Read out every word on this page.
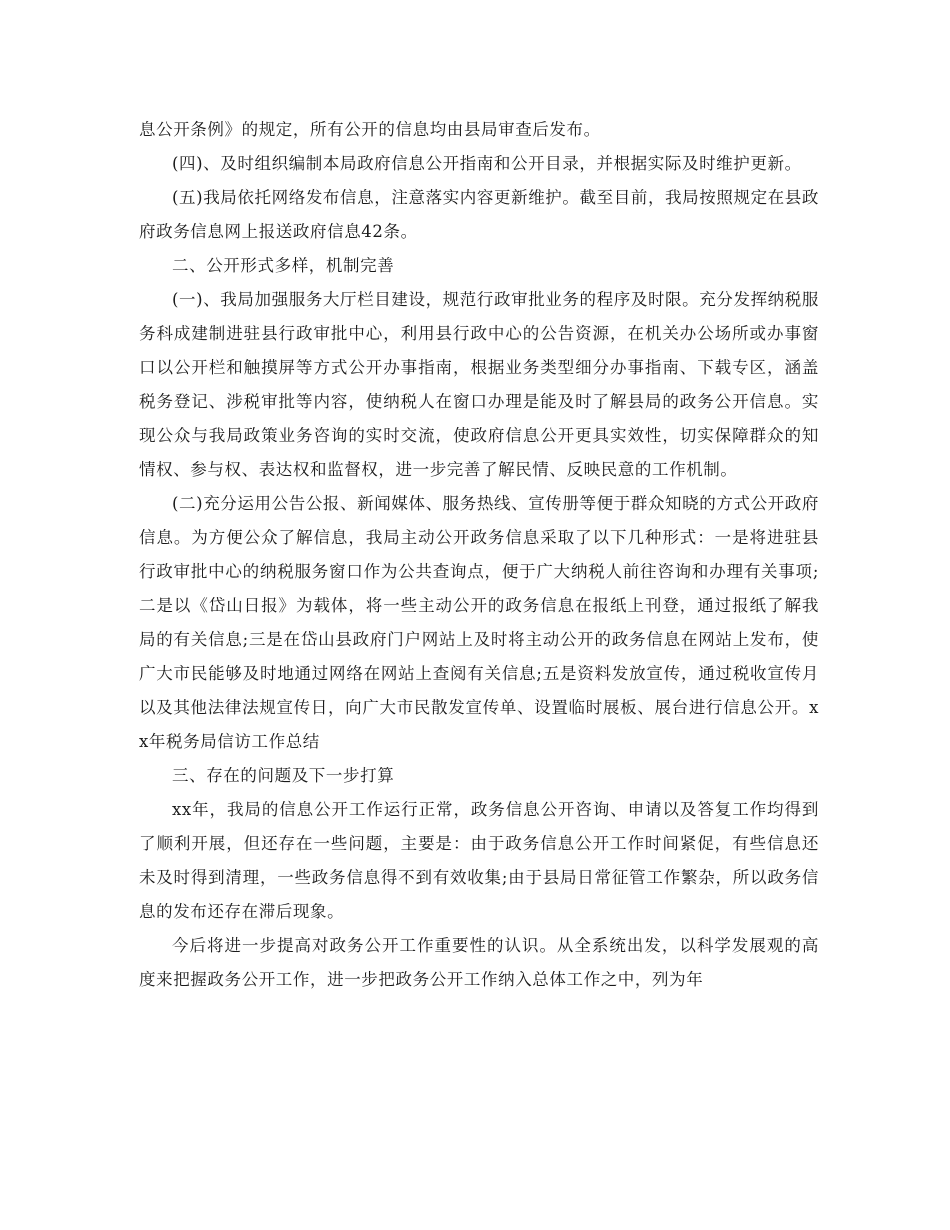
息公开条例》的规定，所有公开的信息均由县局审查后发布。

(四)、及时组织编制本局政府信息公开指南和公开目录，并根据实际及时维护更新。

(五)我局依托网络发布信息，注意落实内容更新维护。截至目前，我局按照规定在县政府政务信息网上报送政府信息42条。

二、公开形式多样，机制完善

(一)、我局加强服务大厅栏目建设，规范行政审批业务的程序及时限。充分发挥纳税服务科成建制进驻县行政审批中心，利用县行政中心的公告资源，在机关办公场所或办事窗口以公开栏和触摸屏等方式公开办事指南，根据业务类型细分办事指南、下载专区，涵盖税务登记、涉税审批等内容，使纳税人在窗口办理是能及时了解县局的政务公开信息。实现公众与我局政策业务咨询的实时交流，使政府信息公开更具实效性，切实保障群众的知情权、参与权、表达权和监督权，进一步完善了解民情、反映民意的工作机制。

(二)充分运用公告公报、新闻媒体、服务热线、宣传册等便于群众知晓的方式公开政府信息。为方便公众了解信息，我局主动公开政务信息采取了以下几种形式：一是将进驻县行政审批中心的纳税服务窗口作为公共查询点，便于广大纳税人前往咨询和办理有关事项;二是以《岱山日报》为载体，将一些主动公开的政务信息在报纸上刊登，通过报纸了解我局的有关信息;三是在岱山县政府门户网站上及时将主动公开的政务信息在网站上发布，使广大市民能够及时地通过网络在网站上查阅有关信息;五是资料发放宣传，通过税收宣传月以及其他法律法规宣传日，向广大市民散发宣传单、设置临时展板、展台进行信息公开。xx年税务局信访工作总结

三、存在的问题及下一步打算

xx年，我局的信息公开工作运行正常，政务信息公开咨询、申请以及答复工作均得到了顺利开展，但还存在一些问题，主要是：由于政务信息公开工作时间紧促，有些信息还未及时得到清理，一些政务信息得不到有效收集;由于县局日常征管工作繁杂，所以政务信息的发布还存在滞后现象。

今后将进一步提高对政务公开工作重要性的认识。从全系统出发，以科学发展观的高度来把握政务公开工作，进一步把政务公开工作纳入总体工作之中，列为年
